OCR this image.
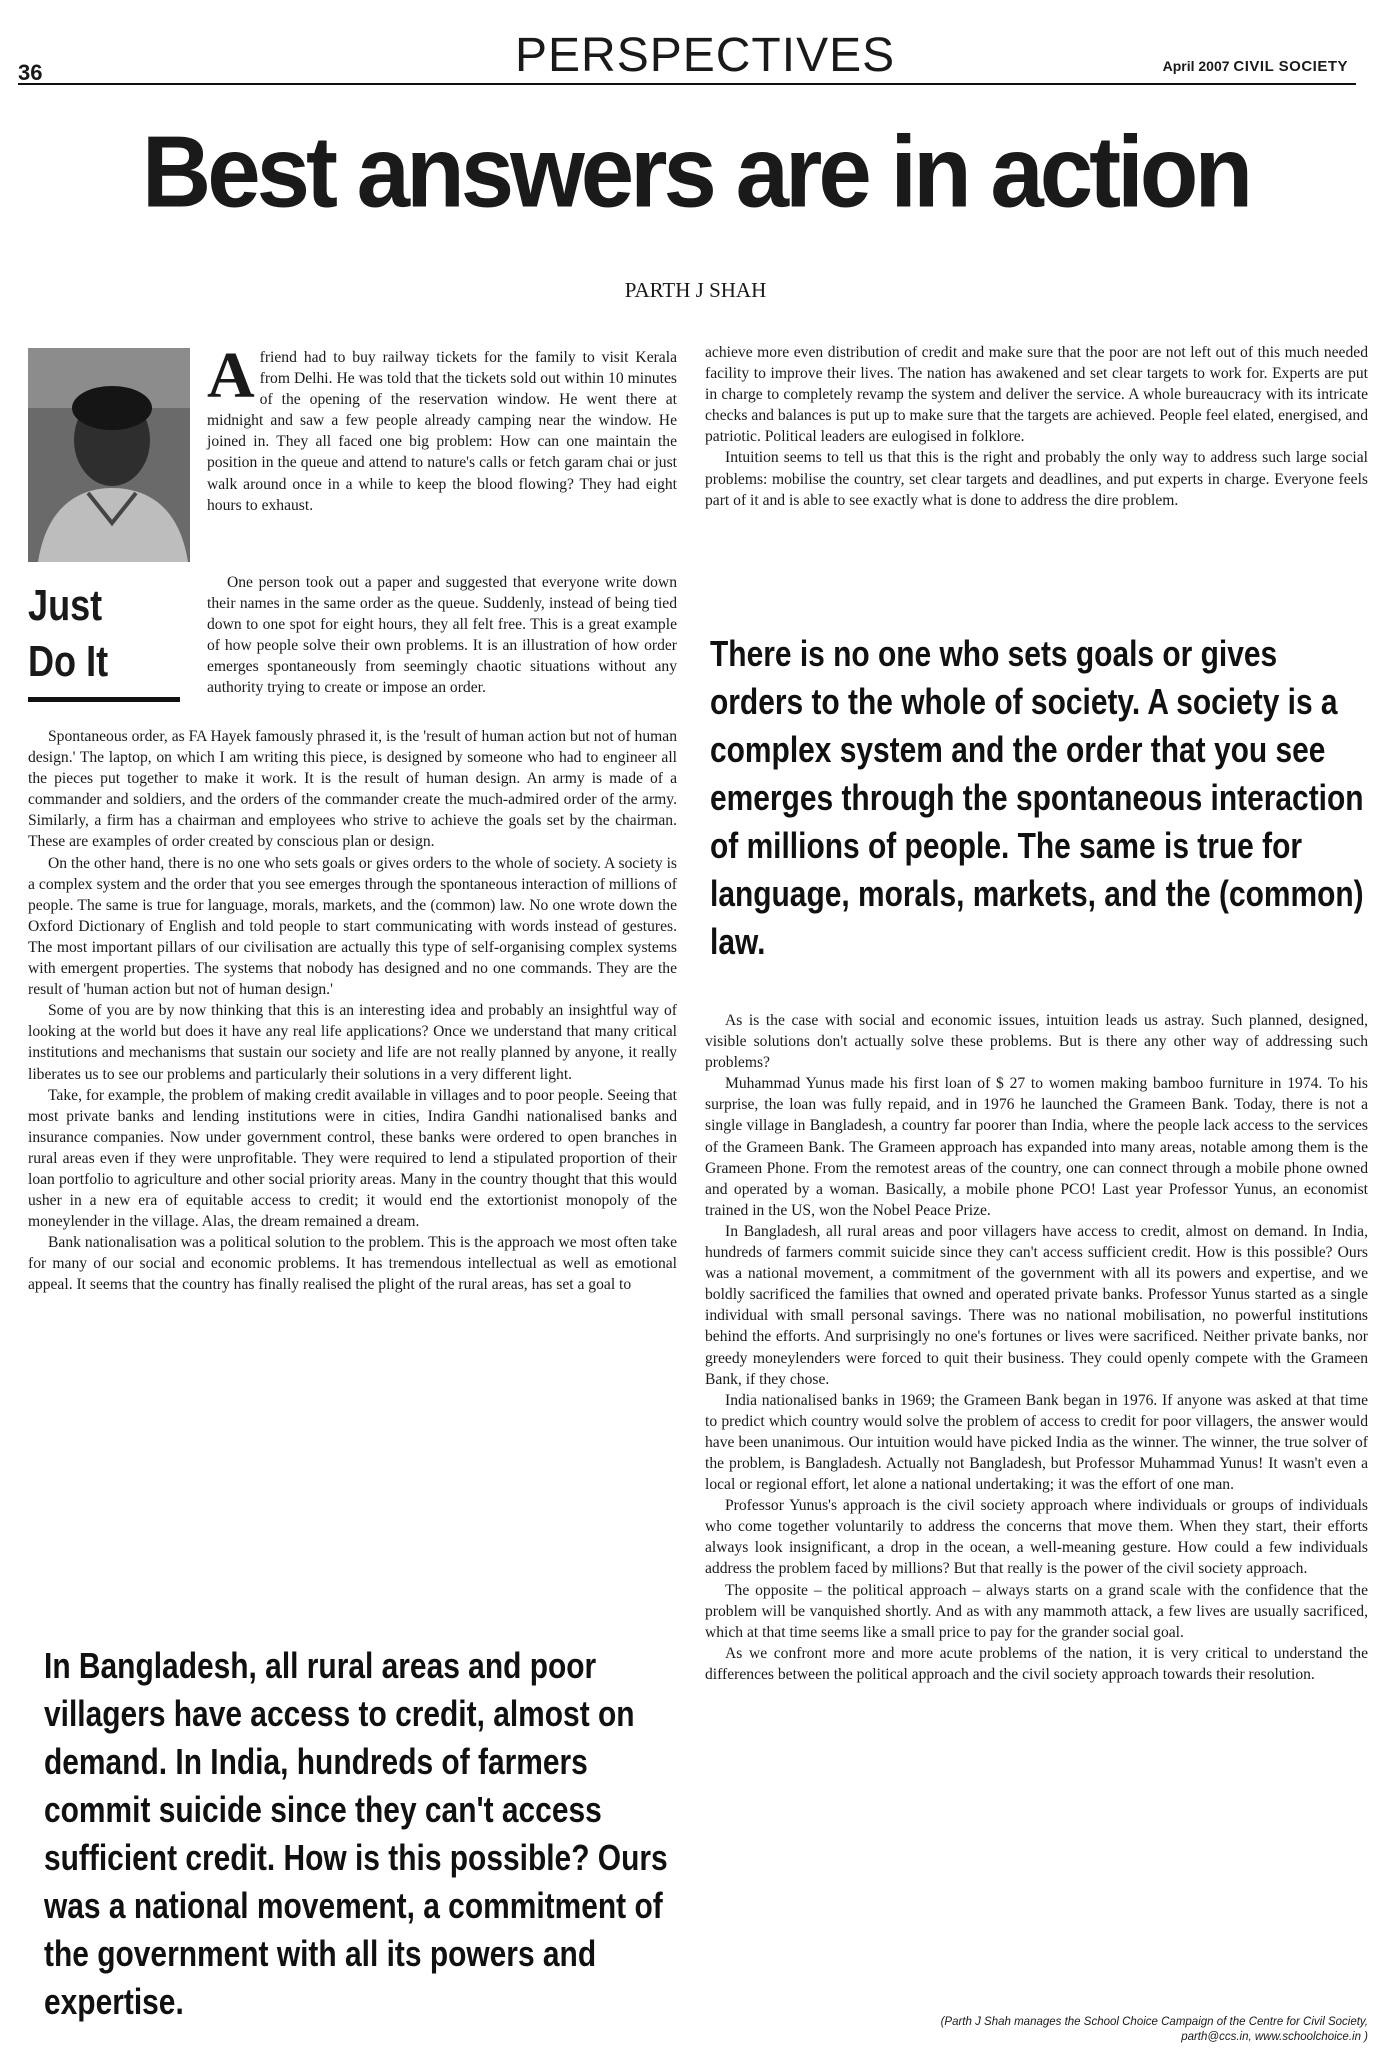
36	PERSPECTIVES	April 2007 CIVIL SOCIETY
Best answers are in action
PARTH J SHAH
Just
Do It

Afriend had to buy railway tickets for the family to visit Kerala from Delhi. He was told that the tickets sold out within 10 minutes of the opening of the reservation window. He went there at midnight and saw a few people already camping near the window. He joined in. They all faced one big problem: How can one maintain the position in the queue and attend to nature's calls or fetch garam chai or just walk around once in a while to keep the blood flowing? They had eight hours to exhaust.

One person took out a paper and suggested that everyone write down their names in the same order as the queue. Suddenly, instead of being tied down to one spot for eight hours, they all felt free. This is a great example of how people solve their own problems. It is an illustration of how order emerges spontaneously from seemingly chaotic situations without any authority trying to create or impose an order.

Spontaneous order, as FA Hayek famously phrased it, is the 'result of human action but not of human design.' The laptop, on which I am writing this piece, is designed by someone who had to engineer all the pieces put together to make it work. It is the result of human design. An army is made of a commander and soldiers, and the orders of the commander create the much-admired order of the army. Similarly, a firm has a chairman and employees who strive to achieve the goals set by the chairman. These are examples of order created by conscious plan or design.

On the other hand, there is no one who sets goals or gives orders to the whole of society. A society is a complex system and the order that you see emerges through the spontaneous interaction of millions of people. The same is true for language, morals, markets, and the (common) law. No one wrote down the Oxford Dictionary of English and told people to start communicating with words instead of gestures. The most important pillars of our civilisation are actually this type of self-organising complex systems with emergent properties. The systems that nobody has designed and no one commands. They are the result of 'human action but not of human design.'

Some of you are by now thinking that this is an interesting idea and probably an insightful way of looking at the world but does it have any real life applications? Once we understand that many critical institutions and mechanisms that sustain our society and life are not really planned by anyone, it really liberates us to see our problems and particularly their solutions in a very different light.

Take, for example, the problem of making credit available in villages and to poor people. Seeing that most private banks and lending institutions were in cities, Indira Gandhi nationalised banks and insurance companies. Now under government control, these banks were ordered to open branches in rural areas even if they were unprofitable. They were required to lend a stipulated proportion of their loan portfolio to agriculture and other social priority areas. Many in the country thought that this would usher in a new era of equitable access to credit; it would end the extortionist monopoly of the moneylender in the village. Alas, the dream remained a dream.

Bank nationalisation was a political solution to the problem. This is the approach we most often take for many of our social and economic problems. It has tremendous intellectual as well as emotional appeal. It seems that the country has finally realised the plight of the rural areas, has set a goal to

In Bangladesh, all rural areas and poor villagers have access to credit, almost on demand. In India, hundreds of farmers commit suicide since they can't access sufficient credit. How is this possible? Ours was a national movement, a commitment of the government with all its powers and expertise.

achieve more even distribution of credit and make sure that the poor are not left out of this much needed facility to improve their lives. The nation has awakened and set clear targets to work for. Experts are put in charge to completely revamp the system and deliver the service. A whole bureaucracy with its intricate checks and balances is put up to make sure that the targets are achieved. People feel elated, energised, and patriotic. Political leaders are eulogised in folklore.

Intuition seems to tell us that this is the right and probably the only way to address such large social problems: mobilise the country, set clear targets and deadlines, and put experts in charge. Everyone feels part of it and is able to see exactly what is done to address the dire problem.

There is no one who sets goals or gives orders to the whole of society. A society is a complex system and the order that you see emerges through the spontaneous interaction of millions of people. The same is true for language, morals, markets, and the (common) law.

As is the case with social and economic issues, intuition leads us astray. Such planned, designed, visible solutions don't actually solve these problems. But is there any other way of addressing such problems?

Muhammad Yunus made his first loan of $ 27 to women making bamboo furniture in 1974. To his surprise, the loan was fully repaid, and in 1976 he launched the Grameen Bank. Today, there is not a single village in Bangladesh, a country far poorer than India, where the people lack access to the services of the Grameen Bank. The Grameen approach has expanded into many areas, notable among them is the Grameen Phone. From the remotest areas of the country, one can connect through a mobile phone owned and operated by a woman. Basically, a mobile phone PCO! Last year Professor Yunus, an economist trained in the US, won the Nobel Peace Prize.

In Bangladesh, all rural areas and poor villagers have access to credit, almost on demand. In India, hundreds of farmers commit suicide since they can't access sufficient credit. How is this possible? Ours was a national movement, a commitment of the government with all its powers and expertise, and we boldly sacrificed the families that owned and operated private banks. Professor Yunus started as a single individual with small personal savings. There was no national mobilisation, no powerful institutions behind the efforts. And surprisingly no one's fortunes or lives were sacrificed. Neither private banks, nor greedy moneylenders were forced to quit their business. They could openly compete with the Grameen Bank, if they chose.

India nationalised banks in 1969; the Grameen Bank began in 1976. If anyone was asked at that time to predict which country would solve the problem of access to credit for poor villagers, the answer would have been unanimous. Our intuition would have picked India as the winner. The winner, the true solver of the problem, is Bangladesh. Actually not Bangladesh, but Professor Muhammad Yunus! It wasn't even a local or regional effort, let alone a national undertaking; it was the effort of one man.

Professor Yunus's approach is the civil society approach where individuals or groups of individuals who come together voluntarily to address the concerns that move them. When they start, their efforts always look insignificant, a drop in the ocean, a well-meaning gesture. How could a few individuals address the problem faced by millions? But that really is the power of the civil society approach.

The opposite – the political approach – always starts on a grand scale with the confidence that the problem will be vanquished shortly. And as with any mammoth attack, a few lives are usually sacrificed, which at that time seems like a small price to pay for the grander social goal.

As we confront more and more acute problems of the nation, it is very critical to understand the differences between the political approach and the civil society approach towards their resolution.

(Parth J Shah manages the School Choice Campaign of the Centre for Civil Society,
parth@ccs.in, www.schoolchoice.in )
